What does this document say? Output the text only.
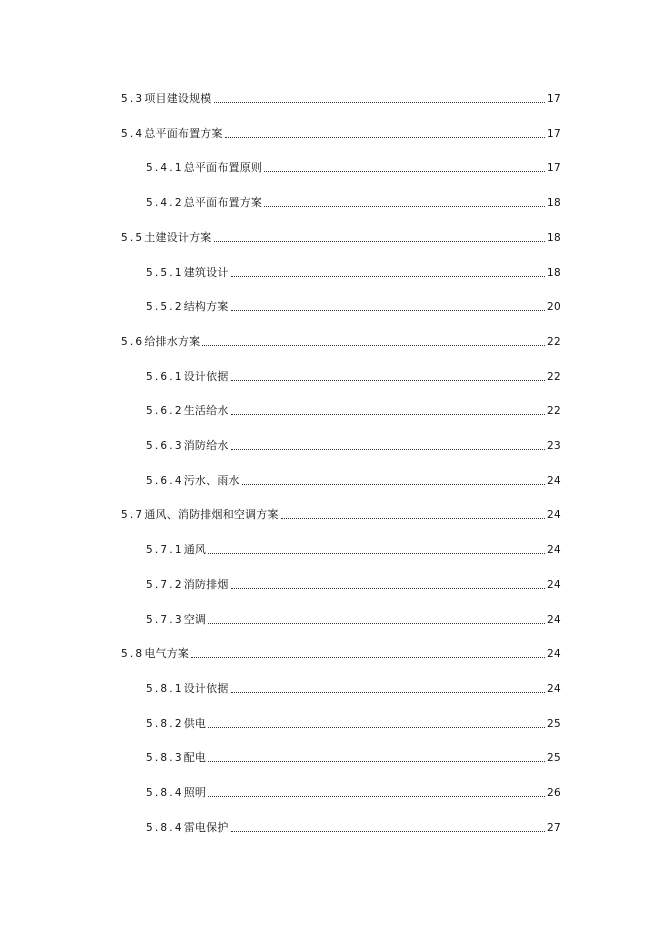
5.3项目建设规模	17
5.4总平面布置方案	17
5.4.1总平面布置原则	17
5.4.2总平面布置方案	18
5.5土建设计方案	18
5.5.1建筑设计	18
5.5.2结构方案	20
5.6给排水方案	22
5.6.1设计依据	22
5.6.2生活给水	22
5.6.3消防给水	23
5.6.4污水、雨水	24
5.7通风、消防排烟和空调方案	24
5.7.1通风	24
5.7.2消防排烟	24
5.7.3空调	24
5.8电气方案	24
5.8.1设计依据	24
5.8.2供电	25
5.8.3配电	25
5.8.4照明	26
5.8.4雷电保护	27
